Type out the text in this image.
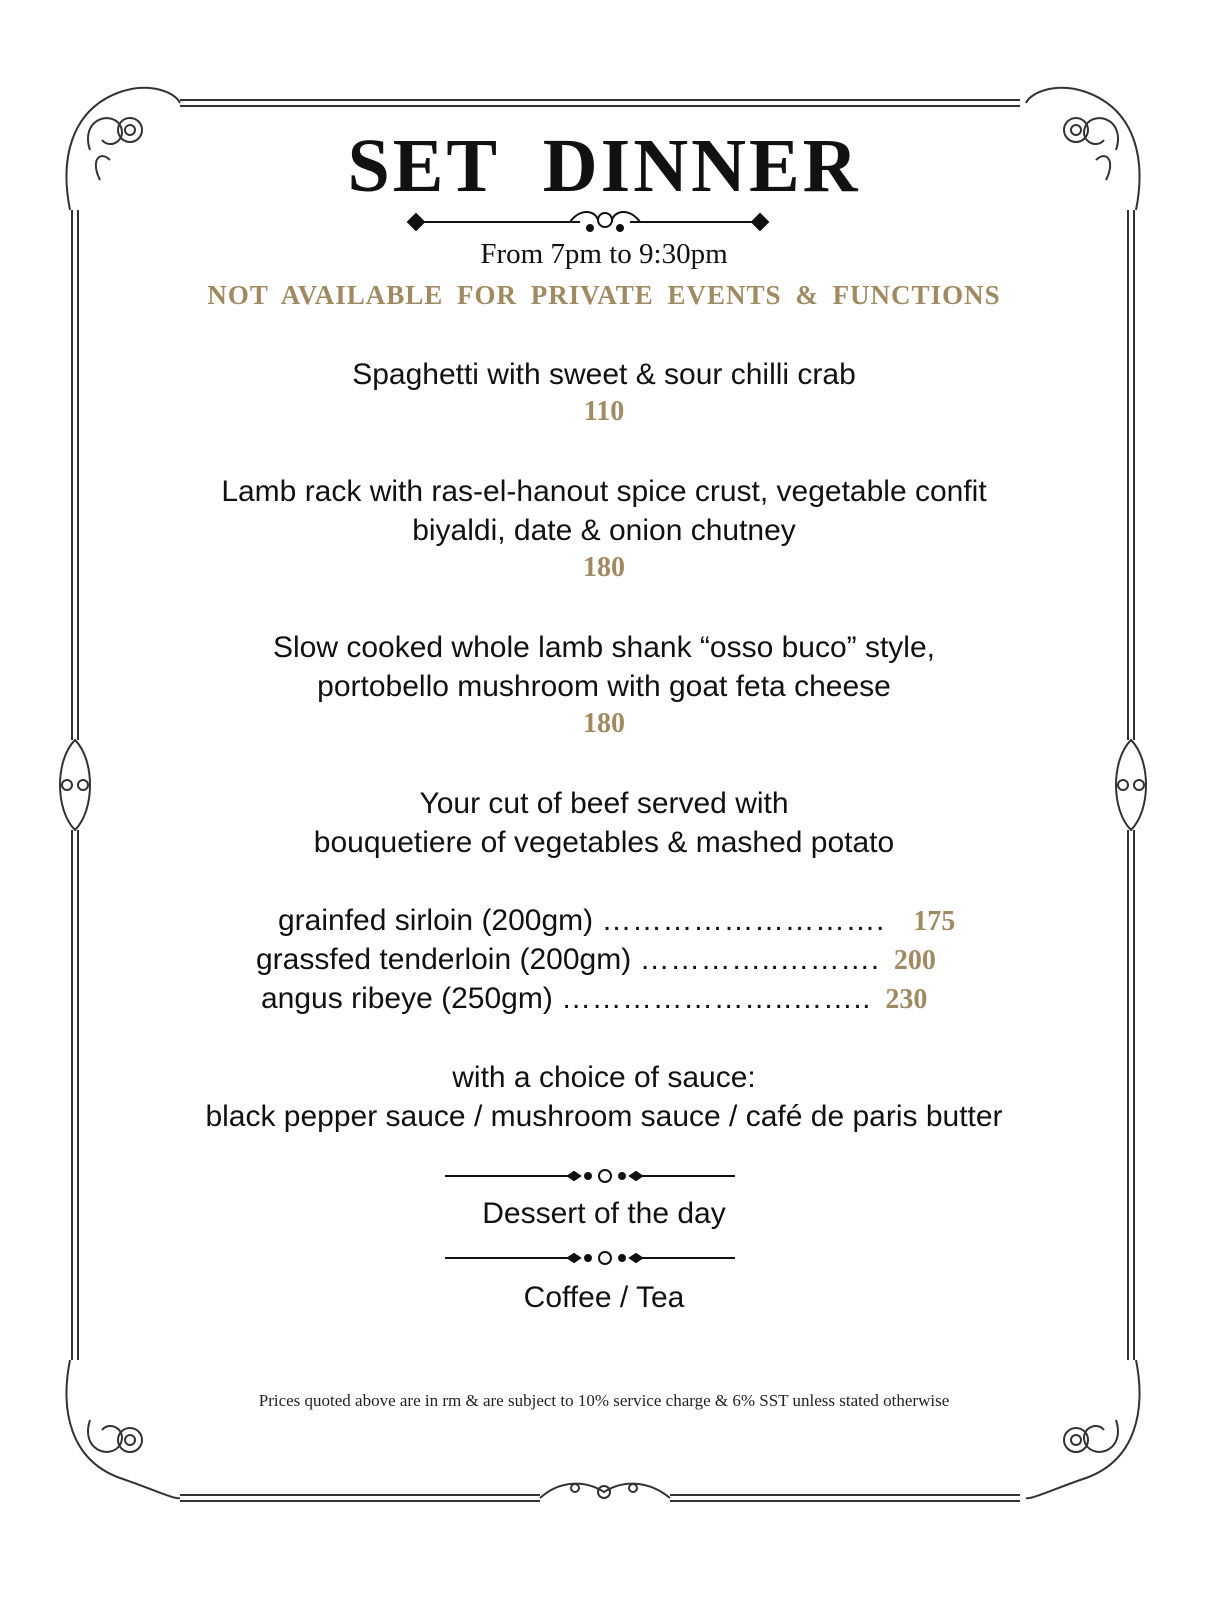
SET DINNER
From 7pm to 9:30pm
NOT AVAILABLE FOR PRIVATE EVENTS & FUNCTIONS
Spaghetti with sweet & sour chilli crab
110
Lamb rack with ras-el-hanout spice crust, vegetable confit
biyaldi, date & onion chutney
180
Slow cooked whole lamb shank “osso buco” style,
portobello mushroom with goat feta cheese
180
Your cut of beef served with
bouquetiere of vegetables & mashed potato
grainfed sirloin (200gm) ………………………. 175
grassfed tenderloin (200gm) …………..………. 200
angus ribeye (250gm) …………………..…….. 230
with a choice of sauce:
black pepper sauce / mushroom sauce / café de paris butter
Dessert of the day
Coffee / Tea
Prices quoted above are in rm & are subject to 10% service charge & 6% SST unless stated otherwise
